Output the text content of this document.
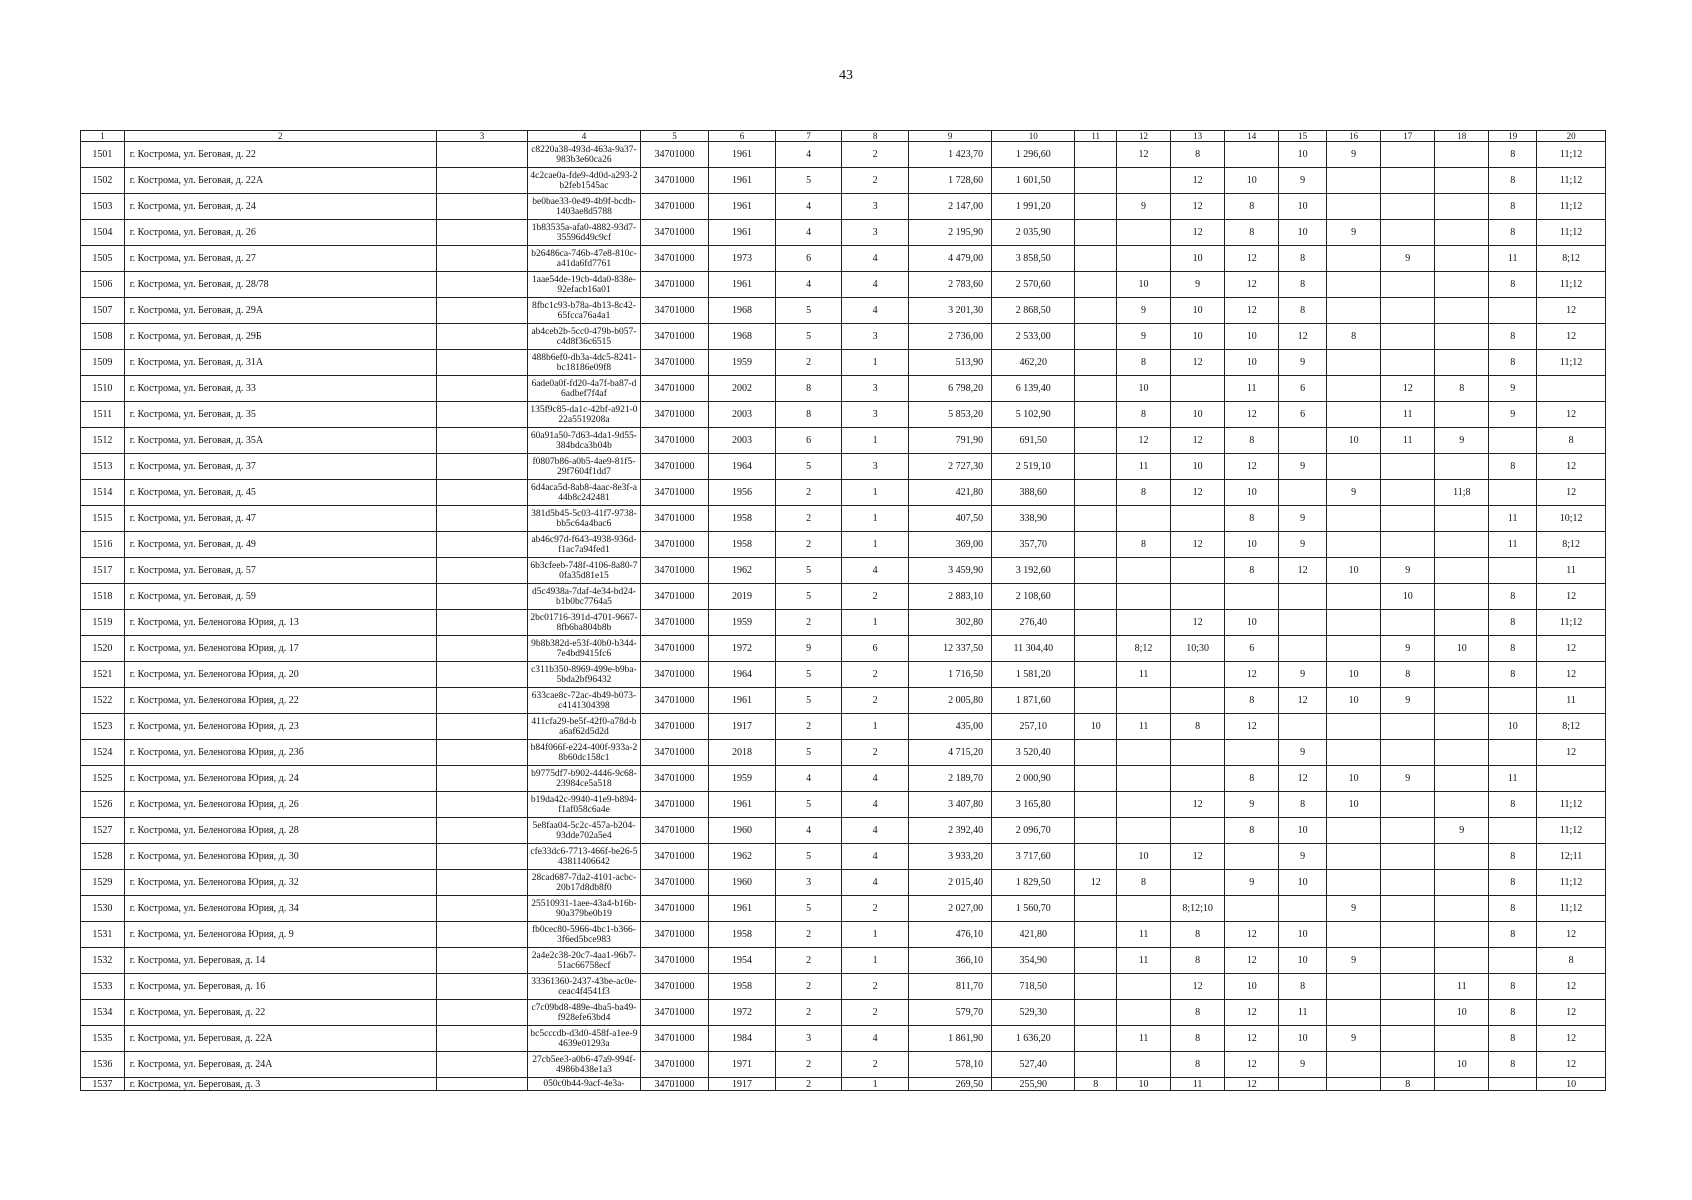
43
1	2	3	4	5	6	7	8	9	10	11	12	13	14	15	16	17	18	19	20
1501	г. Кострома, ул. Беговая, д. 22		c8220a38-493d-463a-9a37-983b3e60ca26	34701000	1961	4	2	1 423,70	1 296,60		12	8		10	9			8	11;12
1502	г. Кострома, ул. Беговая, д. 22А		4c2cae0a-fde9-4d0d-a293-2b2feb1545ac	34701000	1961	5	2	1 728,60	1 601,50			12	10	9				8	11;12
1503	г. Кострома, ул. Беговая, д. 24		be0bae33-0e49-4b9f-bcdb-1403ae8d5788	34701000	1961	4	3	2 147,00	1 991,20		9	12	8	10				8	11;12
1504	г. Кострома, ул. Беговая, д. 26		1b83535a-afa0-4882-93d7-35596d49c9cf	34701000	1961	4	3	2 195,90	2 035,90			12	8	10	9			8	11;12
1505	г. Кострома, ул. Беговая, д. 27		b26486ca-746b-47e8-810c-a41da6fd7761	34701000	1973	6	4	4 479,00	3 858,50			10	12	8		9		11	8;12
1506	г. Кострома, ул. Беговая, д. 28/78		1aae54de-19cb-4da0-838e-92efacb16a01	34701000	1961	4	4	2 783,60	2 570,60		10	9	12	8				8	11;12
1507	г. Кострома, ул. Беговая, д. 29А		8fbc1c93-b78a-4b13-8c42-65fcca76a4a1	34701000	1968	5	4	3 201,30	2 868,50		9	10	12	8					12
1508	г. Кострома, ул. Беговая, д. 29Б		ab4ceb2b-5cc0-479b-b057-c4d8f36c6515	34701000	1968	5	3	2 736,00	2 533,00		9	10	10	12	8			8	12
1509	г. Кострома, ул. Беговая, д. 31А		488b6ef0-db3a-4dc5-8241-bc18186e09f8	34701000	1959	2	1	513,90	462,20		8	12	10	9				8	11;12
1510	г. Кострома, ул. Беговая, д. 33		6ade0a0f-fd20-4a7f-ba87-d6adbef7f4af	34701000	2002	8	3	6 798,20	6 139,40		10		11	6		12	8	9	
1511	г. Кострома, ул. Беговая, д. 35		135f9c85-da1c-42bf-a921-022a5519208a	34701000	2003	8	3	5 853,20	5 102,90		8	10	12	6		11		9	12
1512	г. Кострома, ул. Беговая, д. 35А		60a91a50-7d63-4da1-9d55-384bdca3b04b	34701000	2003	6	1	791,90	691,50		12	12	8		10	11	9		8
1513	г. Кострома, ул. Беговая, д. 37		f0807b86-a0b5-4ae9-81f5-29f7604f1dd7	34701000	1964	5	3	2 727,30	2 519,10		11	10	12	9				8	12
1514	г. Кострома, ул. Беговая, д. 45		6d4aca5d-8ab8-4aac-8e3f-a44b8c242481	34701000	1956	2	1	421,80	388,60		8	12	10		9		11;8		12
1515	г. Кострома, ул. Беговая, д. 47		381d5b45-5c03-41f7-9738-bb5c64a4bac6	34701000	1958	2	1	407,50	338,90				8	9				11	10;12
1516	г. Кострома, ул. Беговая, д. 49		ab46c97d-f643-4938-936d-f1ac7a94fed1	34701000	1958	2	1	369,00	357,70		8	12	10	9				11	8;12
1517	г. Кострома, ул. Беговая, д. 57		6b3cfeeb-748f-4106-8a80-70fa35d81e15	34701000	1962	5	4	3 459,90	3 192,60				8	12	10	9			11
1518	г. Кострома, ул. Беговая, д. 59		d5c4938a-7daf-4e34-bd24-b1b0bc7764a5	34701000	2019	5	2	2 883,10	2 108,60							10		8	12
1519	г. Кострома, ул. Беленогова Юрия, д. 13		2bc01716-391d-4701-9667-8fb6ba804b8b	34701000	1959	2	1	302,80	276,40			12	10					8	11;12
1520	г. Кострома, ул. Беленогова Юрия, д. 17		9b8b382d-e53f-40b0-b344-7e4bd9415fc6	34701000	1972	9	6	12 337,50	11 304,40		8;12	10;30	6			9	10	8	12
1521	г. Кострома, ул. Беленогова Юрия, д. 20		c311b350-8969-499e-b9ba-5bda2bf96432	34701000	1964	5	2	1 716,50	1 581,20		11		12	9	10	8		8	12
1522	г. Кострома, ул. Беленогова Юрия, д. 22		633cae8c-72ac-4b49-b073-c4141304398	34701000	1961	5	2	2 005,80	1 871,60				8	12	10	9			11
1523	г. Кострома, ул. Беленогова Юрия, д. 23		411cfa29-be5f-42f0-a78d-ba6af62d5d2d	34701000	1917	2	1	435,00	257,10	10	11	8	12					10	8;12
1524	г. Кострома, ул. Беленогова Юрия, д. 23б		b84f066f-e224-400f-933a-28b60dc158c1	34701000	2018	5	2	4 715,20	3 520,40					9					12
1525	г. Кострома, ул. Беленогова Юрия, д. 24		b9775df7-b902-4446-9c68-23984ce5a518	34701000	1959	4	4	2 189,70	2 000,90				8	12	10	9		11	
1526	г. Кострома, ул. Беленогова Юрия, д. 26		b19da42c-9940-41e9-b894-f1af058c6a4e	34701000	1961	5	4	3 407,80	3 165,80			12	9	8	10			8	11;12
1527	г. Кострома, ул. Беленогова Юрия, д. 28		5e8faa04-5c2c-457a-b204-93dde702a5e4	34701000	1960	4	4	2 392,40	2 096,70				8	10			9		11;12
1528	г. Кострома, ул. Беленогова Юрия, д. 30		cfe33dc6-7713-466f-be26-543811406642	34701000	1962	5	4	3 933,20	3 717,60		10	12		9				8	12;11
1529	г. Кострома, ул. Беленогова Юрия, д. 32		28cad687-7da2-4101-acbc-20b17d8db8f0	34701000	1960	3	4	2 015,40	1 829,50	12	8		9	10				8	11;12
1530	г. Кострома, ул. Беленогова Юрия, д. 34		25510931-1aee-43a4-b16b-90a379be0b19	34701000	1961	5	2	2 027,00	1 560,70			8;12;10			9			8	11;12
1531	г. Кострома, ул. Беленогова Юрия, д. 9		fb0cec80-5966-4bc1-b366-3f6ed5bce983	34701000	1958	2	1	476,10	421,80		11	8	12	10				8	12
1532	г. Кострома, ул. Береговая, д. 14		2a4e2c38-20c7-4aa1-96b7-51ac66758ecf	34701000	1954	2	1	366,10	354,90		11	8	12	10	9				8
1533	г. Кострома, ул. Береговая, д. 16		33361360-2437-43be-ac0e-ceac4f4541f3	34701000	1958	2	2	811,70	718,50			12	10	8			11	8	12
1534	г. Кострома, ул. Береговая, д. 22		c7c09bd8-489e-4ba5-ba49-f928efe63bd4	34701000	1972	2	2	579,70	529,30			8	12	11			10	8	12
1535	г. Кострома, ул. Береговая, д. 22А		bc5cccdb-d3d0-458f-a1ee-94639e01293a	34701000	1984	3	4	1 861,90	1 636,20		11	8	12	10	9			8	12
1536	г. Кострома, ул. Береговая, д. 24А		27cb5ee3-a0b6-47a9-994f-4986b438e1a3	34701000	1971	2	2	578,10	527,40			8	12	9			10	8	12
1537	г. Кострома, ул. Береговая, д. 3		050c0b44-9acf-4e3a-	34701000	1917	2	1	269,50	255,90	8	10	11	12			8			10
